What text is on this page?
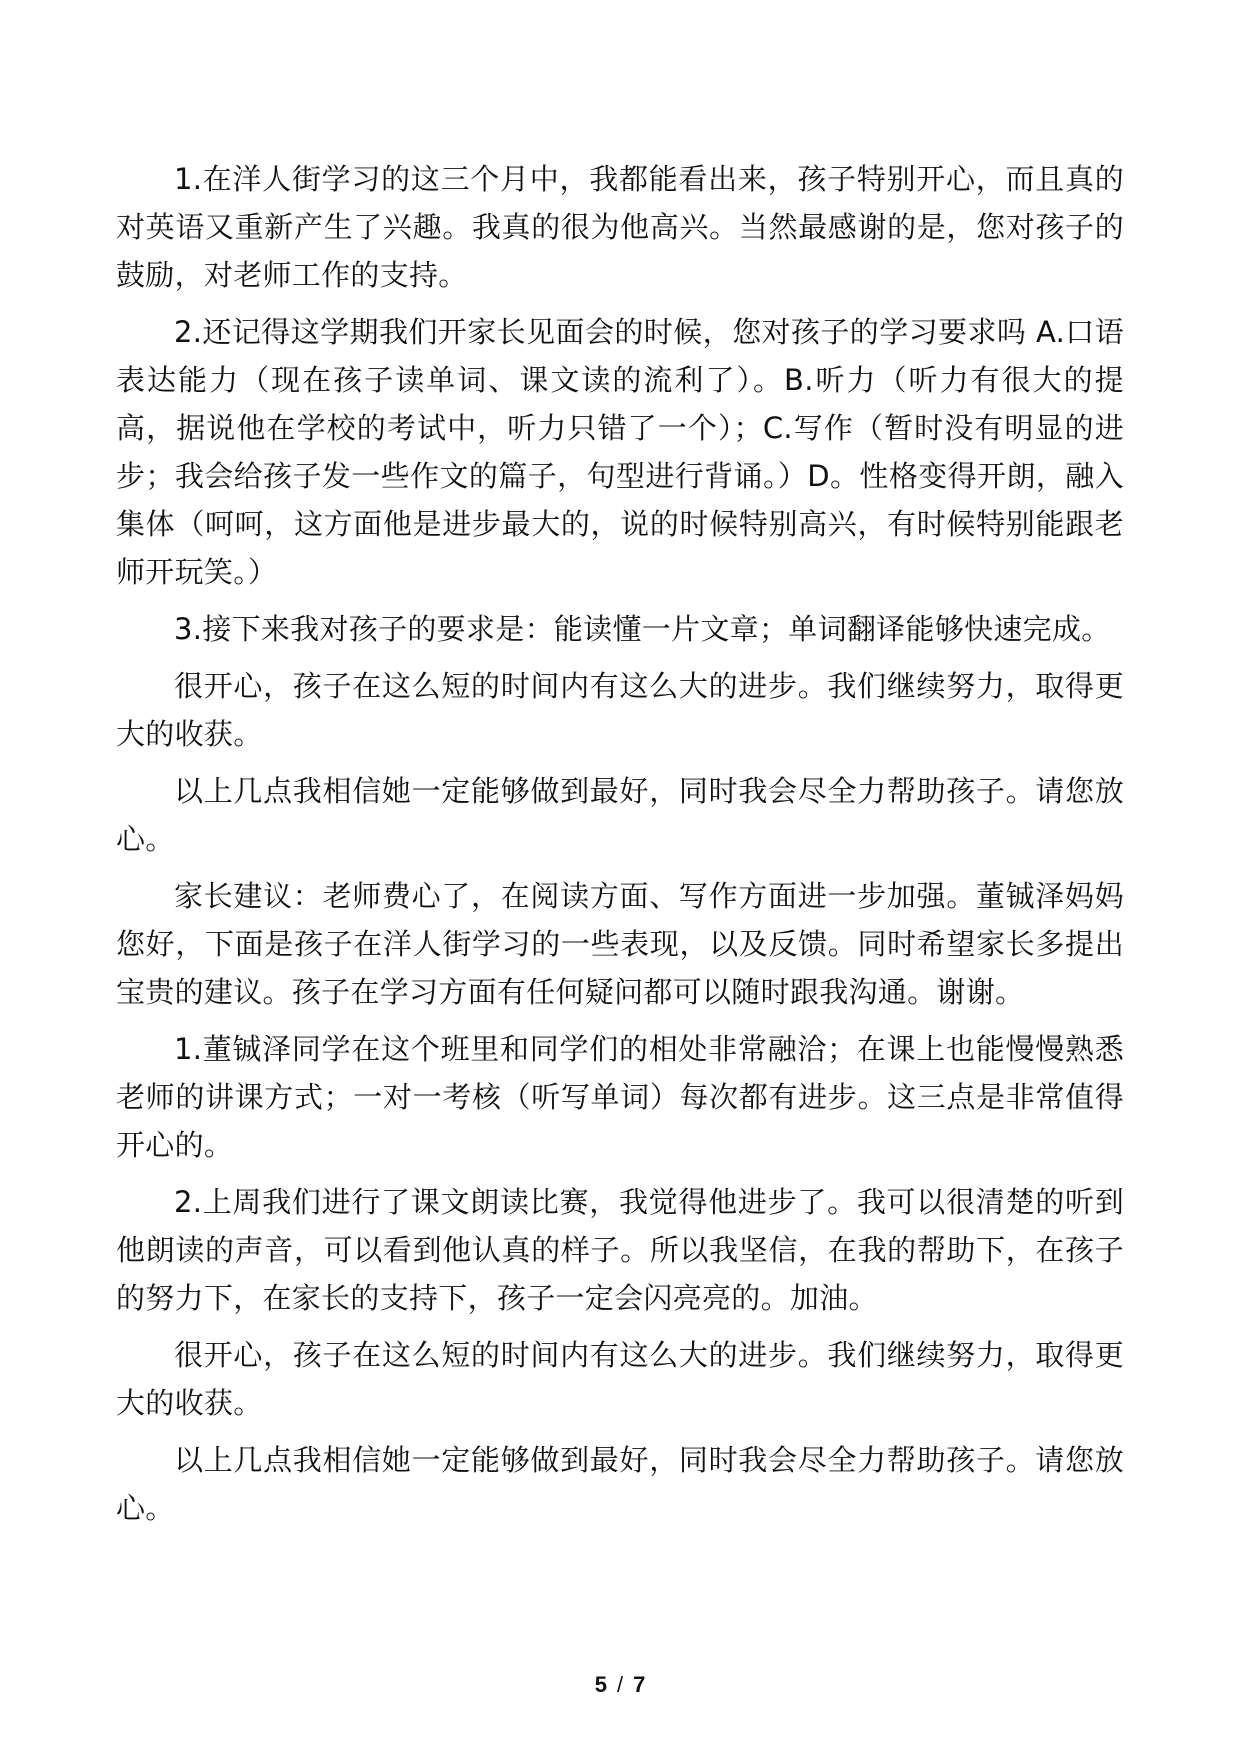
1.在洋人街学习的这三个月中，我都能看出来，孩子特别开心，而且真的对英语又重新产生了兴趣。我真的很为他高兴。当然最感谢的是，您对孩子的鼓励，对老师工作的支持。

2.还记得这学期我们开家长见面会的时候，您对孩子的学习要求吗 A.口语表达能力（现在孩子读单词、课文读的流利了）。B.听力（听力有很大的提高，据说他在学校的考试中，听力只错了一个）；C.写作（暂时没有明显的进步；我会给孩子发一些作文的篇子，句型进行背诵。）D。性格变得开朗，融入集体（呵呵，这方面他是进步最大的，说的时候特别高兴，有时候特别能跟老师开玩笑。）

3.接下来我对孩子的要求是：能读懂一片文章；单词翻译能够快速完成。

很开心，孩子在这么短的时间内有这么大的进步。我们继续努力，取得更大的收获。

以上几点我相信她一定能够做到最好，同时我会尽全力帮助孩子。请您放心。

家长建议：老师费心了，在阅读方面、写作方面进一步加强。董铖泽妈妈您好，下面是孩子在洋人街学习的一些表现，以及反馈。同时希望家长多提出宝贵的建议。孩子在学习方面有任何疑问都可以随时跟我沟通。谢谢。

1.董铖泽同学在这个班里和同学们的相处非常融洽；在课上也能慢慢熟悉老师的讲课方式；一对一考核（听写单词）每次都有进步。这三点是非常值得开心的。

2.上周我们进行了课文朗读比赛，我觉得他进步了。我可以很清楚的听到他朗读的声音，可以看到他认真的样子。所以我坚信，在我的帮助下，在孩子的努力下，在家长的支持下，孩子一定会闪亮亮的。加油。

很开心，孩子在这么短的时间内有这么大的进步。我们继续努力，取得更大的收获。

以上几点我相信她一定能够做到最好，同时我会尽全力帮助孩子。请您放心。

5 / 7
